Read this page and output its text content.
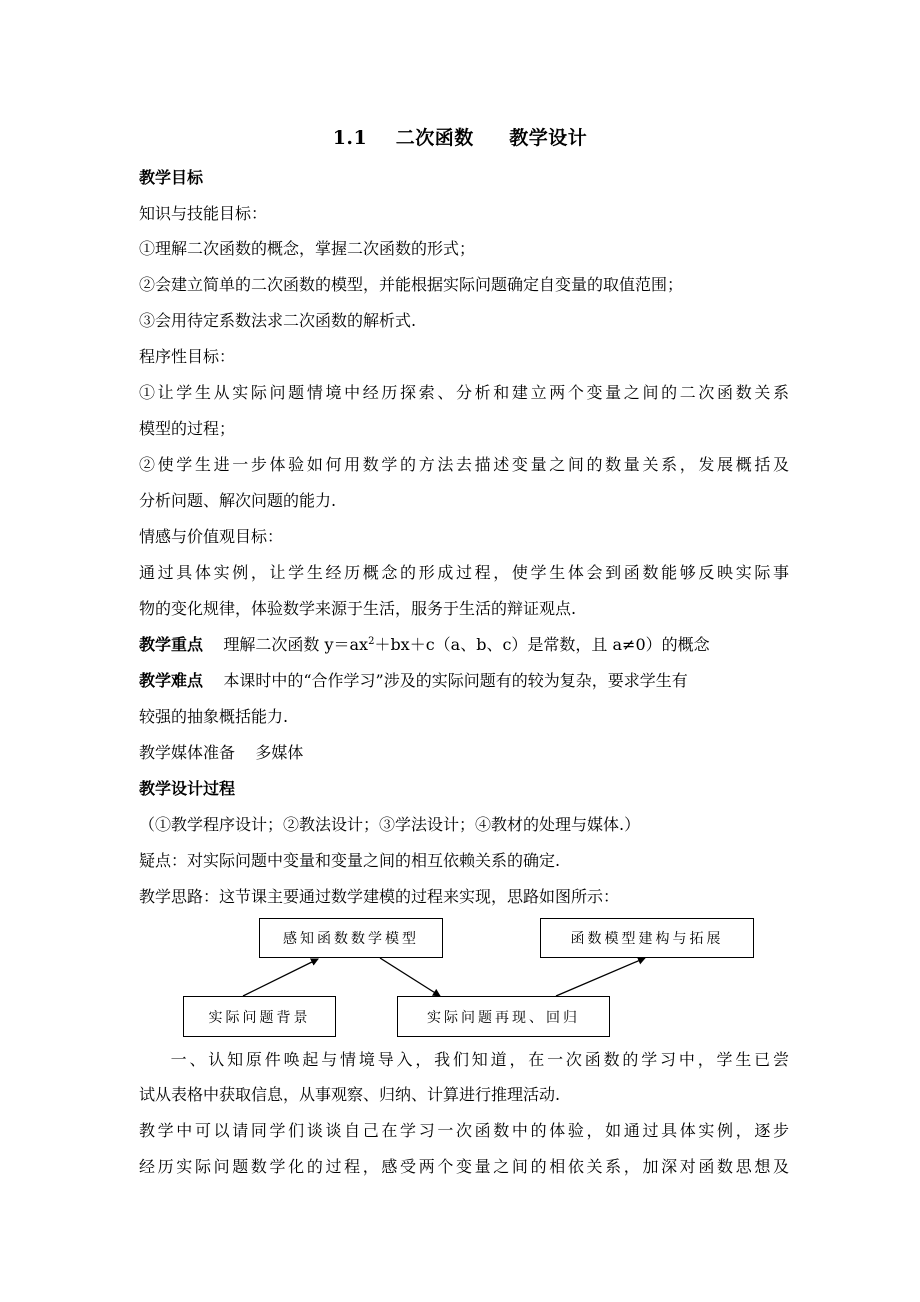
1.1    二次函数     教学设计
教学目标
知识与技能目标：
①理解二次函数的概念，掌握二次函数的形式；
②会建立简单的二次函数的模型，并能根据实际问题确定自变量的取值范围；
③会用待定系数法求二次函数的解析式.
程序性目标：
①让学生从实际问题情境中经历探索、分析和建立两个变量之间的二次函数关系
模型的过程；
②使学生进一步体验如何用数学的方法去描述变量之间的数量关系，发展概括及
分析问题、解次问题的能力.
情感与价值观目标：
通过具体实例，让学生经历概念的形成过程，使学生体会到函数能够反映实际事
物的变化规律，体验数学来源于生活，服务于生活的辩证观点.
教学重点 理解二次函数 $y=ax^2+bx+c(a$、b、c）是常数，且 a≠0）的概念
教学难点 本课时中的“合作学习”涉及的实际问题有的较为复杂，要求学生有
较强的抽象概括能力.
教学媒体准备    多媒体
教学设计过程
（①教学程序设计；②教法设计；③学法设计；④教材的处理与媒体.）
疑点：对实际问题中变量和变量之间的相互依赖关系的确定.
教学思路：这节课主要通过数学建模的过程来实现，思路如图所示：
感知函数数学模型	函数模型建构与拓展
实际问题背景	实际问题再现、回归
一、认知原件唤起与情境导入，我们知道，在一次函数的学习中，学生已尝
试从表格中获取信息，从事观察、归纳、计算进行推理活动.
教学中可以请同学们谈谈自己在学习一次函数中的体验，如通过具体实例，逐步
经历实际问题数学化的过程，感受两个变量之间的相依关系，加深对函数思想及
